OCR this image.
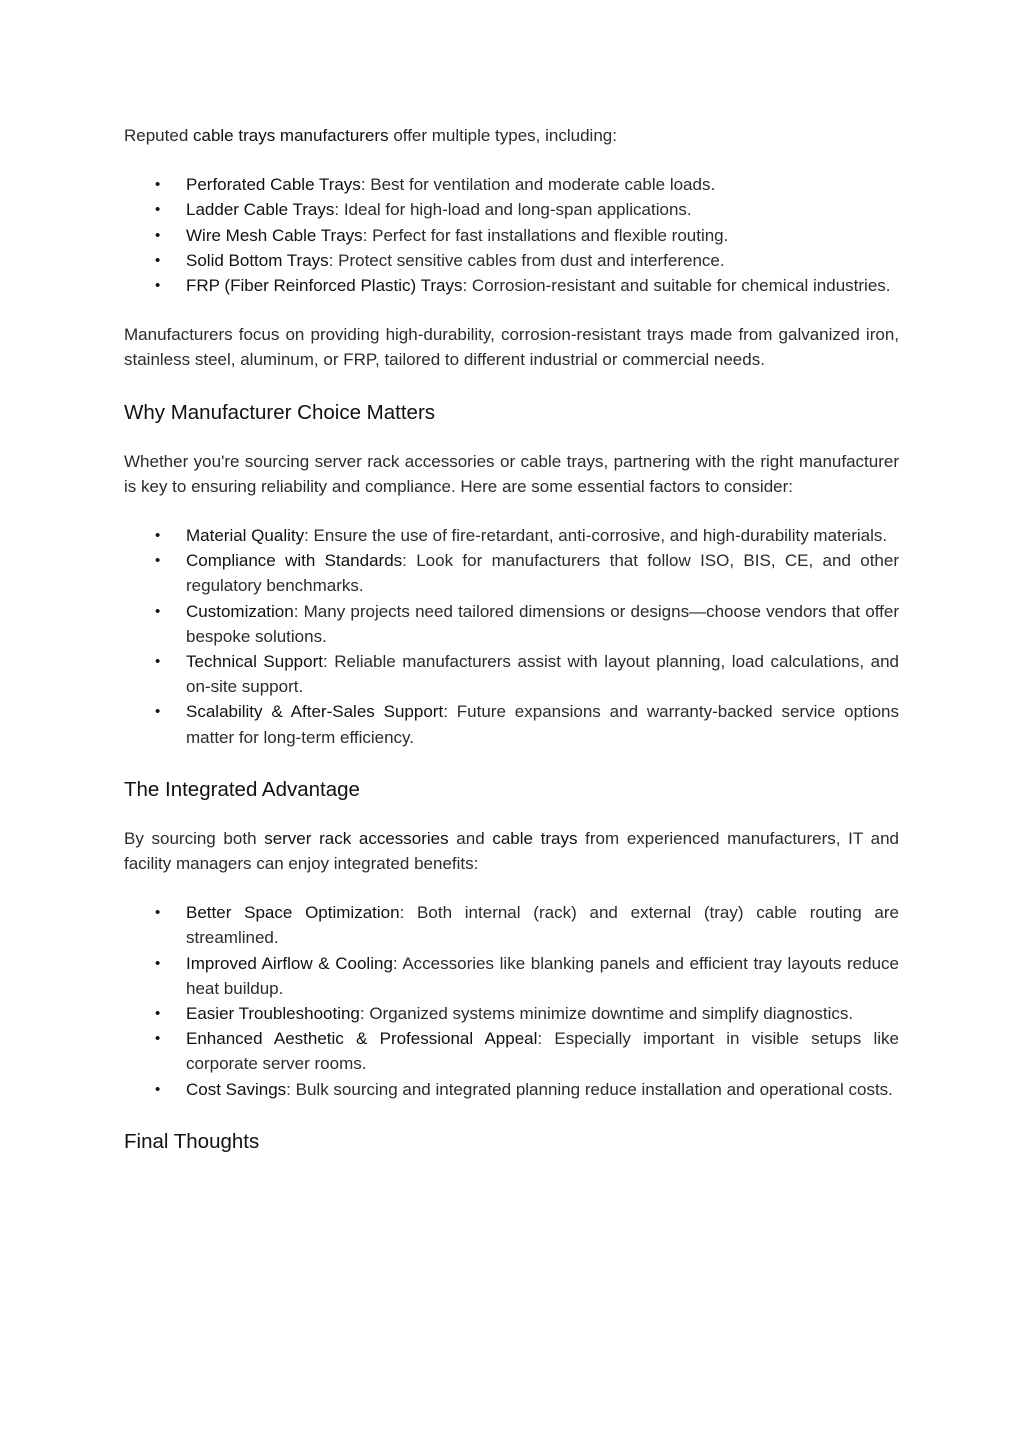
Reputed cable trays manufacturers offer multiple types, including:

• Perforated Cable Trays: Best for ventilation and moderate cable loads.
• Ladder Cable Trays: Ideal for high-load and long-span applications.
• Wire Mesh Cable Trays: Perfect for fast installations and flexible routing.
• Solid Bottom Trays: Protect sensitive cables from dust and interference.
• FRP (Fiber Reinforced Plastic) Trays: Corrosion-resistant and suitable for chemical industries.

Manufacturers focus on providing high-durability, corrosion-resistant trays made from galvanized iron, stainless steel, aluminum, or FRP, tailored to different industrial or commercial needs.

Why Manufacturer Choice Matters

Whether you're sourcing server rack accessories or cable trays, partnering with the right manufacturer is key to ensuring reliability and compliance. Here are some essential factors to consider:

• Material Quality: Ensure the use of fire-retardant, anti-corrosive, and high-durability materials.
• Compliance with Standards: Look for manufacturers that follow ISO, BIS, CE, and other regulatory benchmarks.
• Customization: Many projects need tailored dimensions or designs—choose vendors that offer bespoke solutions.
• Technical Support: Reliable manufacturers assist with layout planning, load calculations, and on-site support.
• Scalability & After-Sales Support: Future expansions and warranty-backed service options matter for long-term efficiency.
The Integrated Advantage

By sourcing both server rack accessories and cable trays from experienced manufacturers, IT and facility managers can enjoy integrated benefits:

• Better Space Optimization: Both internal (rack) and external (tray) cable routing are streamlined.
• Improved Airflow & Cooling: Accessories like blanking panels and efficient tray layouts reduce heat buildup.
• Easier Troubleshooting: Organized systems minimize downtime and simplify diagnostics.
• Enhanced Aesthetic & Professional Appeal: Especially important in visible setups like corporate server rooms.
• Cost Savings: Bulk sourcing and integrated planning reduce installation and operational costs.
Final Thoughts
